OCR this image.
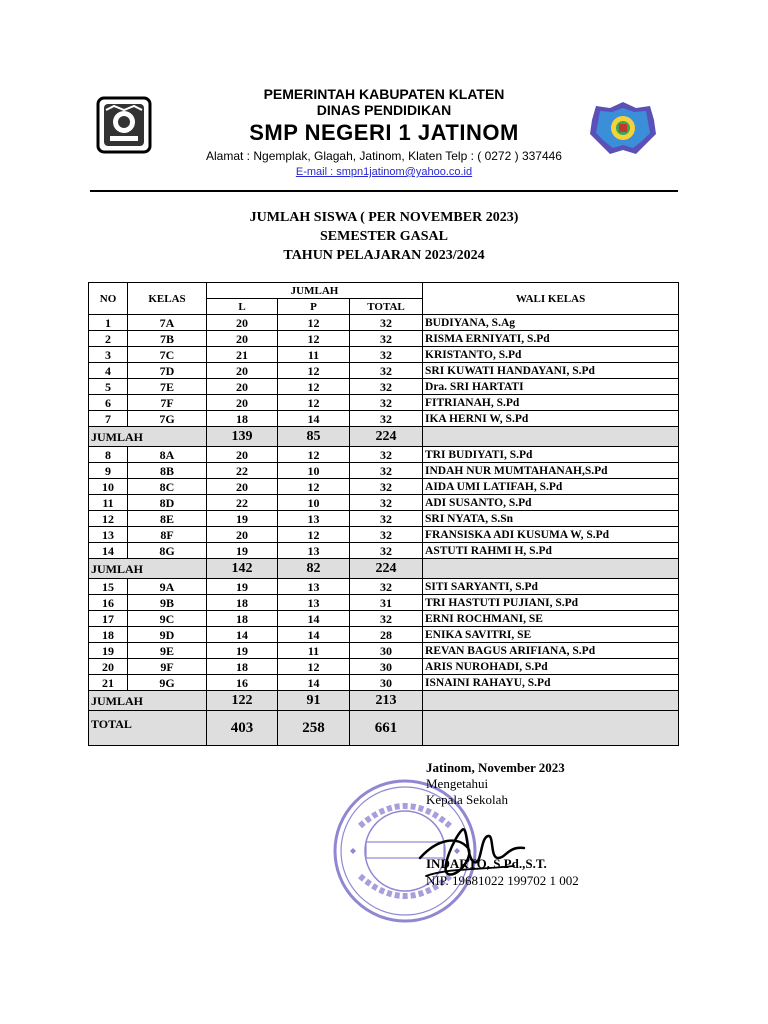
PEMERINTAH KABUPATEN KLATEN
DINAS PENDIDIKAN
SMP NEGERI 1 JATINOM
Alamat : Ngemplak, Glagah, Jatinom, Klaten Telp : ( 0272 ) 337446
E-mail : smpn1jatinom@yahoo.co.id
JUMLAH SISWA ( PER NOVEMBER 2023)
SEMESTER GASAL
TAHUN PELAJARAN 2023/2024
NO	KELAS	JUMLAH			WALI KELAS
		L	P	TOTAL	
1	7A	20	12	32	BUDIYANA, S.Ag
2	7B	20	12	32	RISMA ERNIYATI, S.Pd
3	7C	21	11	32	KRISTANTO, S.Pd
4	7D	20	12	32	SRI KUWATI HANDAYANI, S.Pd
5	7E	20	12	32	Dra. SRI HARTATI
6	7F	20	12	32	FITRIANAH, S.Pd
7	7G	18	14	32	IKA HERNI W, S.Pd
JUMLAH		139	85	224	
8	8A	20	12	32	TRI BUDIYATI, S.Pd
9	8B	22	10	32	INDAH NUR MUMTAHANAH,S.Pd
10	8C	20	12	32	AIDA UMI LATIFAH, S.Pd
11	8D	22	10	32	ADI SUSANTO, S.Pd
12	8E	19	13	32	SRI NYATA, S.Sn
13	8F	20	12	32	FRANSISKA ADI KUSUMA W, S.Pd
14	8G	19	13	32	ASTUTI RAHMI H, S.Pd
JUMLAH		142	82	224	
15	9A	19	13	32	SITI SARYANTI, S.Pd
16	9B	18	13	31	TRI HASTUTI PUJIANI, S.Pd
17	9C	18	14	32	ERNI ROCHMANI, SE
18	9D	14	14	28	ENIKA SAVITRI, SE
19	9E	19	11	30	REVAN BAGUS ARIFIANA, S.Pd
20	9F	18	12	30	ARIS NUROHADI, S.Pd
21	9G	16	14	30	ISNAINI RAHAYU, S.Pd
JUMLAH		122	91	213	
TOTAL		403	258	661	
Jatinom, November 2023
Mengetahui
Kepala Sekolah
INDARTO, S.Pd.,S.T.
NIP. 19681022 199702 1 002
